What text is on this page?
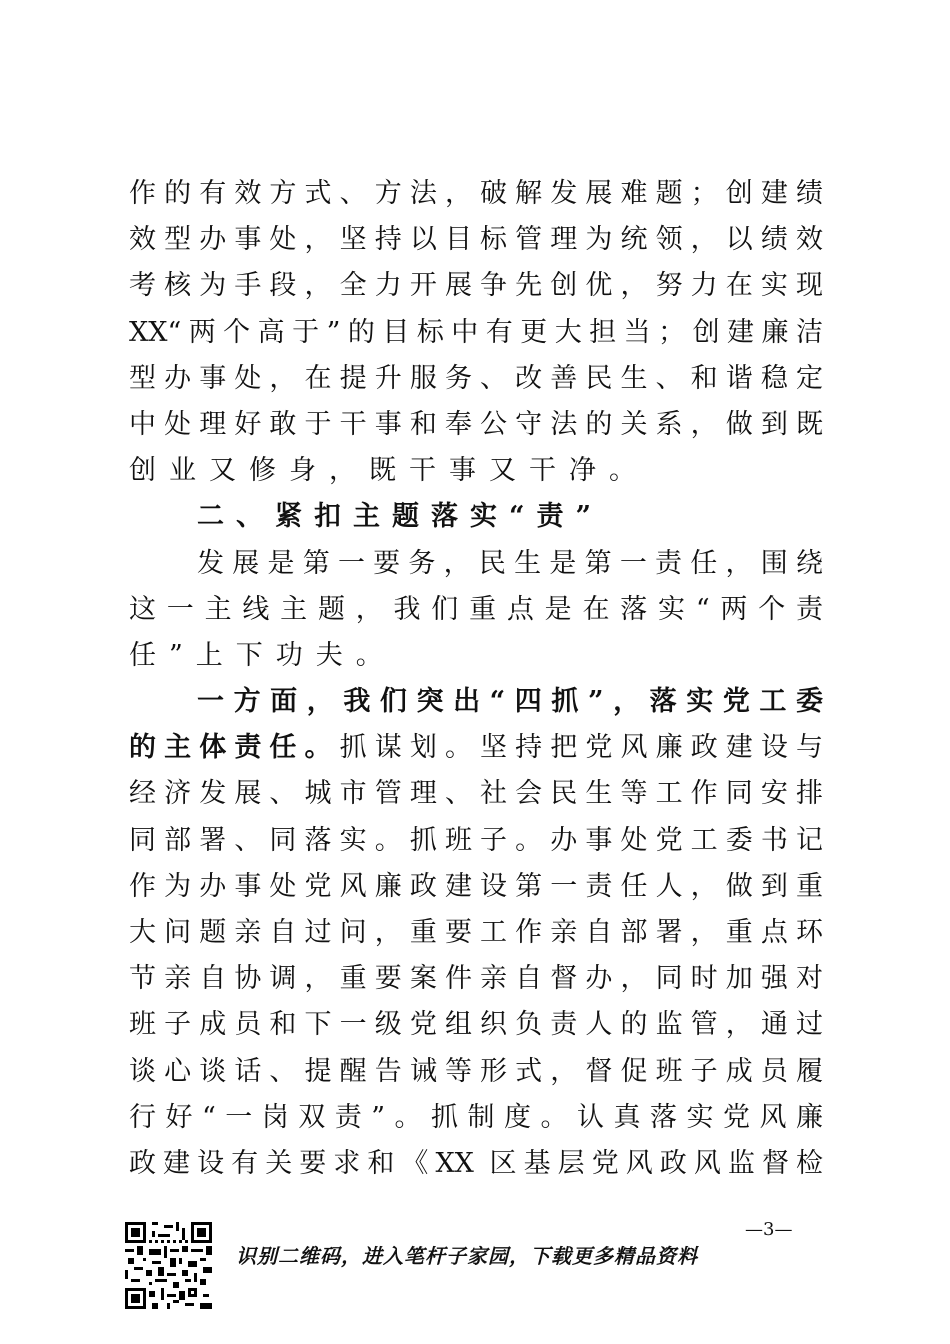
作的有效方式、方法，破解发展难题；创建绩
效型办事处，坚持以目标管理为统领，以绩效
考核为手段，全力开展争先创优，努力在实现
XX“两个高于”的目标中有更大担当；创建廉洁
型办事处，在提升服务、改善民生、和谐稳定
中处理好敢于干事和奉公守法的关系，做到既
创业又修身，既干事又干净。
二、紧扣主题落实“责”
发展是第一要务，民生是第一责任，围绕
这一主线主题，我们重点是在落实“两个责
任”上下功夫。
一方面，我们突出“四抓”，落实党工委
的主体责任。抓谋划。坚持把党风廉政建设与
经济发展、城市管理、社会民生等工作同安排
同部署、同落实。抓班子。办事处党工委书记
作为办事处党风廉政建设第一责任人，做到重
大问题亲自过问，重要工作亲自部署，重点环
节亲自协调，重要案件亲自督办，同时加强对
班子成员和下一级党组织负责人的监管，通过
谈心谈话、提醒告诫等形式，督促班子成员履
行好“一岗双责”。抓制度。认真落实党风廉
政建设有关要求和《XX 区基层党风政风监督检
识别二维码，进入笔杆子家园，下载更多精品资料
—3—
